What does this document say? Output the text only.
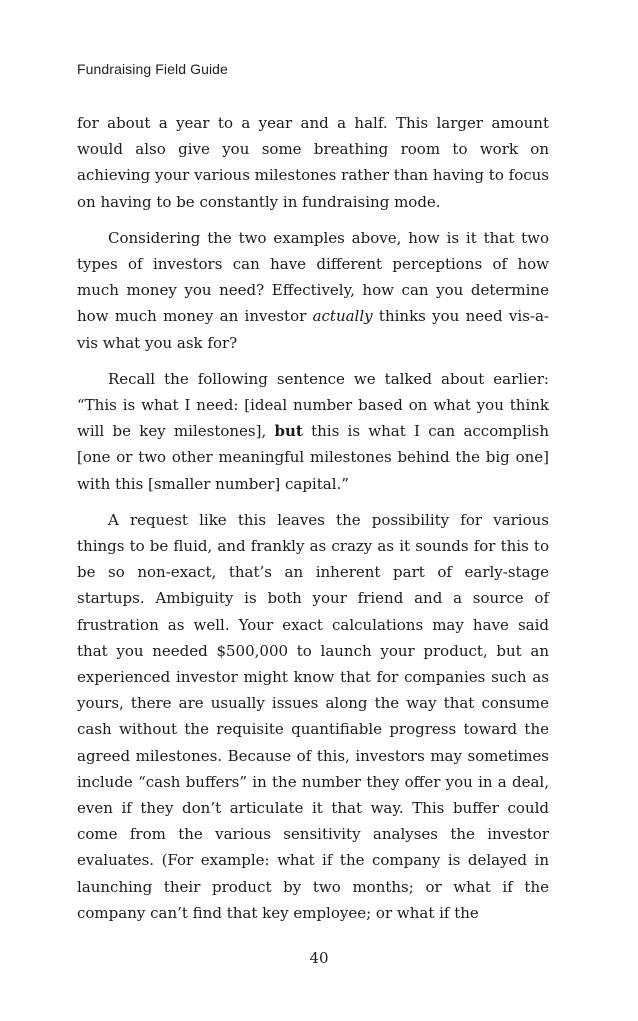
Fundraising Field Guide

for about a year to a year and a half. This larger amount would also give you some breathing room to work on achieving your various milestones rather than having to focus on having to be constantly in fundraising mode.

Considering the two examples above, how is it that two types of investors can have different perceptions of how much money you need? Effectively, how can you determine how much money an investor actually thinks you need vis-a-vis what you ask for?

Recall the following sentence we talked about earlier: “This is what I need: [ideal number based on what you think will be key milestones], but this is what I can accomplish [one or two other meaningful milestones behind the big one] with this [smaller number] capital.”

A request like this leaves the possibility for various things to be fluid, and frankly as crazy as it sounds for this to be so non-exact, that’s an inherent part of early-stage startups. Ambiguity is both your friend and a source of frustration as well. Your exact calculations may have said that you needed $500,000 to launch your product, but an experienced investor might know that for companies such as yours, there are usually issues along the way that consume cash without the requisite quantifiable progress toward the agreed milestones. Because of this, investors may sometimes include “cash buffers” in the number they offer you in a deal, even if they don’t articulate it that way. This buffer could come from the various sensitivity analyses the investor evaluates. (For example: what if the company is delayed in launching their product by two months; or what if the company can’t find that key employee; or what if the

40
